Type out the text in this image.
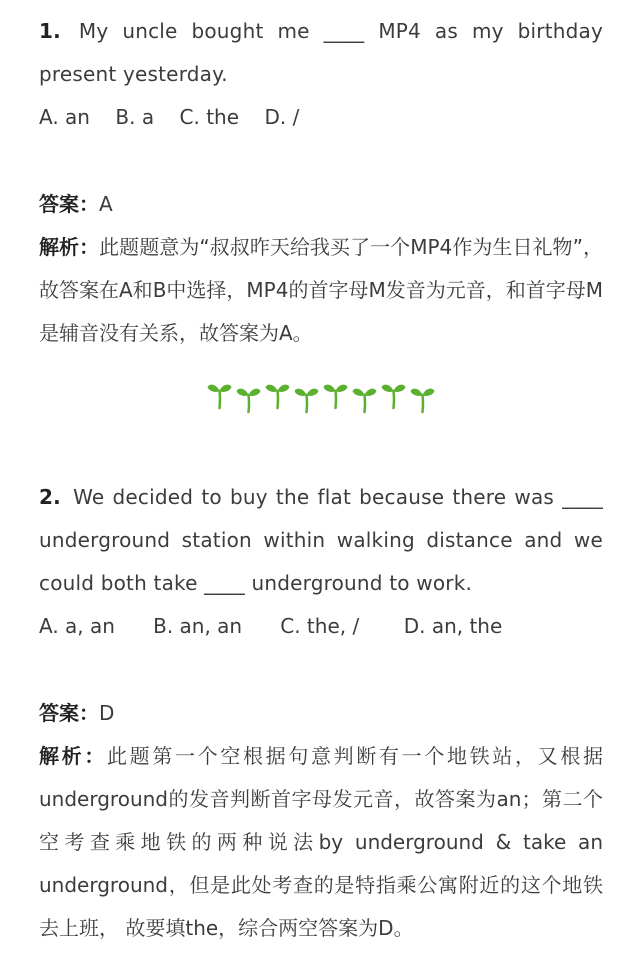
1. My uncle bought me ____ MP4 as my birthday present yesterday.
A. an    B. a    C. the    D. /
答案：A
解析：此题题意为“叔叔昨天给我买了一个MP4作为生日礼物”，故答案在A和B中选择，MP4的首字母M发音为元音，和首字母M是辅音没有关系，故答案为A。
2. We decided to buy the flat because there was ____ underground station within walking distance and we could both take ____ underground to work.
A. a, an      B. an, an      C. the, /       D. an, the
答案：D
解析：此题第一个空根据句意判断有一个地铁站，又根据underground的发音判断首字母发元音，故答案为an；第二个空考查乘地铁的两种说法by underground & take an underground，但是此处考查的是特指乘公寓附近的这个地铁去上班， 故要填the，综合两空答案为D。
